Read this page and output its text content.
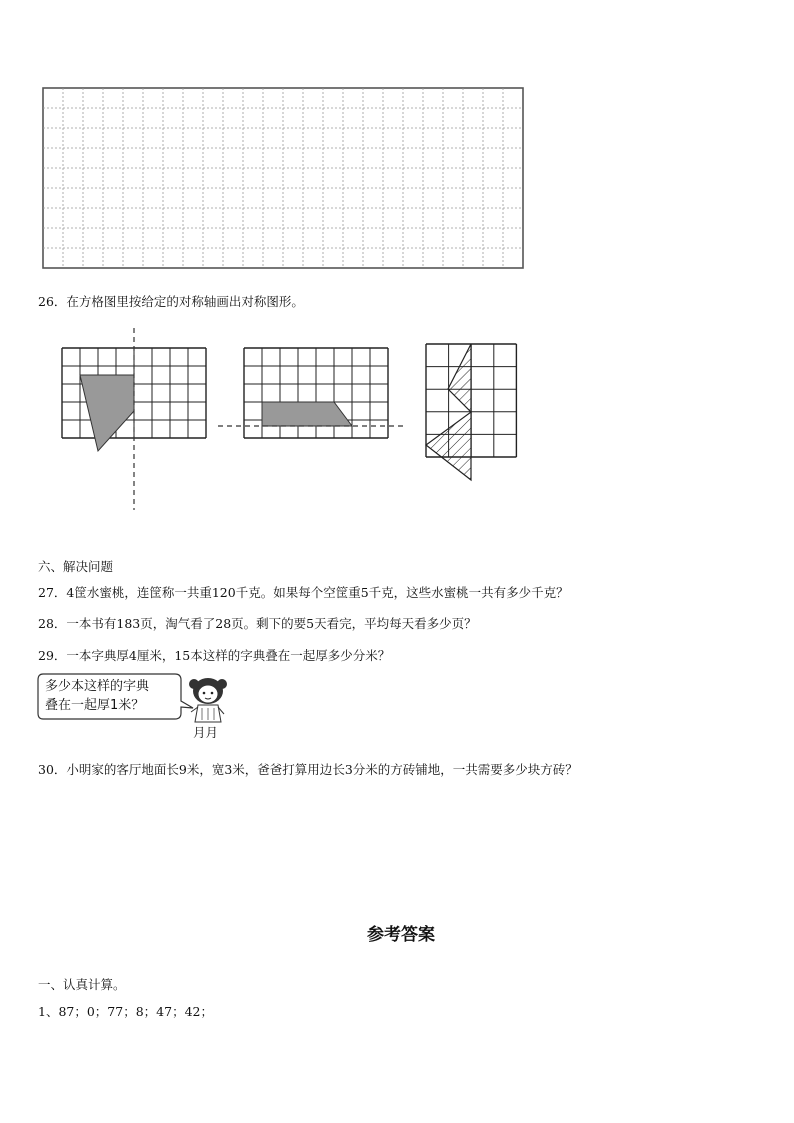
26．在方格图里按给定的对称轴画出对称图形。
六、解决问题
27．4筐水蜜桃，连筐称一共重120千克。如果每个空筐重5千克，这些水蜜桃一共有多少千克？
28．一本书有183页，淘气看了28页。剩下的要5天看完，平均每天看多少页？
29．一本字典厚4厘米，15本这样的字典叠在一起厚多少分米？
多少本这样的字典
叠在一起厚1米？
月月
30．小明家的客厅地面长9米，宽3米，爸爸打算用边长3分米的方砖铺地，一共需要多少块方砖？
参考答案
一、认真计算。
1、87；0；77；8；47；42；
